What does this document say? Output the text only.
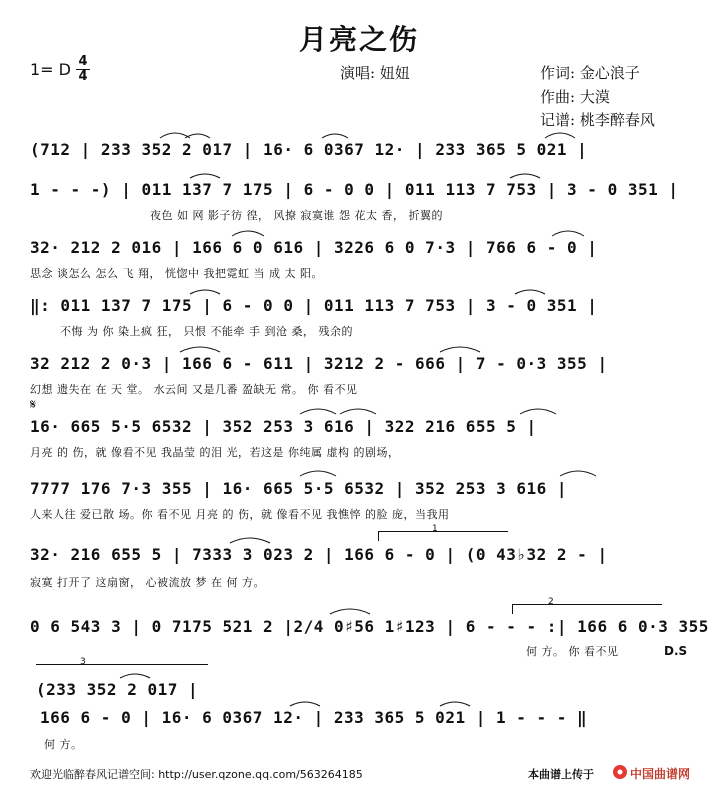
月亮之伤
1= D 4
4	演唱: 妞妞	作词: 金心浪子
作曲: 大漠
记谱: 桃李醉春风
(712 | 233 352 2 017 | 16· 6 0367 12· | 233 365 5 021 |
1 - - -) | 011 137 7 175 | 6 - 0 0 | 011 113 7 753 | 3 - 0 351 |
夜色 如 网 影子彷 徨， 风撩 寂寞谁 怨 花太 香， 折翼的
32· 212 2 016 | 166 6 0 616 | 3226 6 0 7·3 | 766 6 - 0 |
思念 谈怎么 怎么 飞 翔， 恍惚中 我把霓虹 当 成 太 阳。
‖: 011 137 7 175 | 6 - 0 0 | 011 113 7 753 | 3 - 0 351 |
不悔 为 你 染上疯 狂， 只恨 不能牵 手 到沧 桑， 残余的
32 212 2 0·3 | 166 6 - 611 | 3212 2 - 666 | 7 - 0·3 355 |
幻想 遗失在 在 天 堂。 水云间 又是几番 盈缺无 常。 你 看不见
𝄋
16· 665 5·5 6532 | 352 253 3 616 | 322 216 655 5 |
月亮 的 伤，就 像看不见 我晶莹 的泪 光，若这是 你纯属 虚构 的剧场，
7777 176 7·3 355 | 16· 665 5·5 6532 | 352 253 3 616 |
人来人往 爱已散 场。你 看不见 月亮 的 伤，就 像看不见 我憔悴 的脸 庞，当我用
1
32· 216 655 5 | 7333 3 023 2 | 166 6 - 0 | (0 43♭32 2 - |
寂寞 打开了 这扇窗， 心被流放 梦 在 何 方。
2
0 6 543 3 | 0 7175 521 2 |2/4 0♯56 1♯123 | 6 - - - :| 166 6 0·3 355
何 方。 你 看不见	D.S
3
(233 352 2 017 |
166 6 - 0 | 16· 6 0367 12· | 233 365 5 021 | 1 - - - ‖
何 方。
欢迎光临醉春风记谱空间: http://user.qzone.qq.com/563264185	本曲谱上传于	中国曲谱网
